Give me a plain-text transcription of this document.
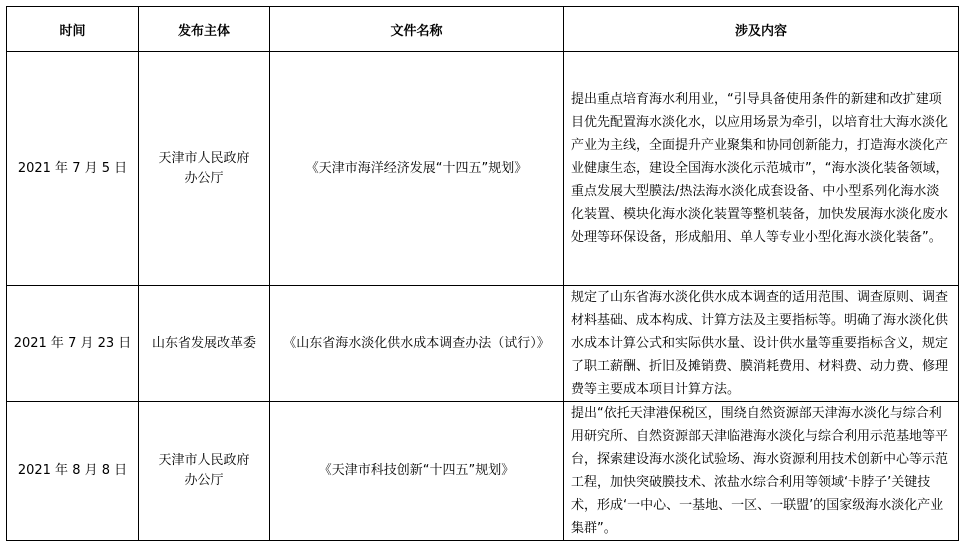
时间	发布主体	文件名称	涉及内容
2021 年 7 月 5 日	天津市人民政府办公厅	《天津市海洋经济发展“十四五”规划》	提出重点培育海水利用业，“引导具备使用条件的新建和改扩建项目优先配置海水淡化水，以应用场景为牵引，以培育壮大海水淡化产业为主线，全面提升产业聚集和协同创新能力，打造海水淡化产业健康生态，建设全国海水淡化示范城市”，“海水淡化装备领域，重点发展大型膜法/热法海水淡化成套设备、中小型系列化海水淡化装置、模块化海水淡化装置等整机装备，加快发展海水淡化废水处理等环保设备，形成船用、单人等专业小型化海水淡化装备”。
2021 年 7 月 23 日	山东省发展改革委	《山东省海水淡化供水成本调查办法（试行）》	规定了山东省海水淡化供水成本调查的适用范围、调查原则、调查材料基础、成本构成、计算方法及主要指标等。明确了海水淡化供水成本计算公式和实际供水量、设计供水量等重要指标含义，规定了职工薪酬、折旧及摊销费、膜消耗费用、材料费、动力费、修理费等主要成本项目计算方法。
2021 年 8 月 8 日	天津市人民政府办公厅	《天津市科技创新“十四五”规划》	提出“依托天津港保税区，围绕自然资源部天津海水淡化与综合利用研究所、自然资源部天津临港海水淡化与综合利用示范基地等平台，探索建设海水淡化试验场、海水资源利用技术创新中心等示范工程，加快突破膜技术、浓盐水综合利用等领域‘卡脖子’关键技术，形成‘一中心、一基地、一区、一联盟’的国家级海水淡化产业集群”。
